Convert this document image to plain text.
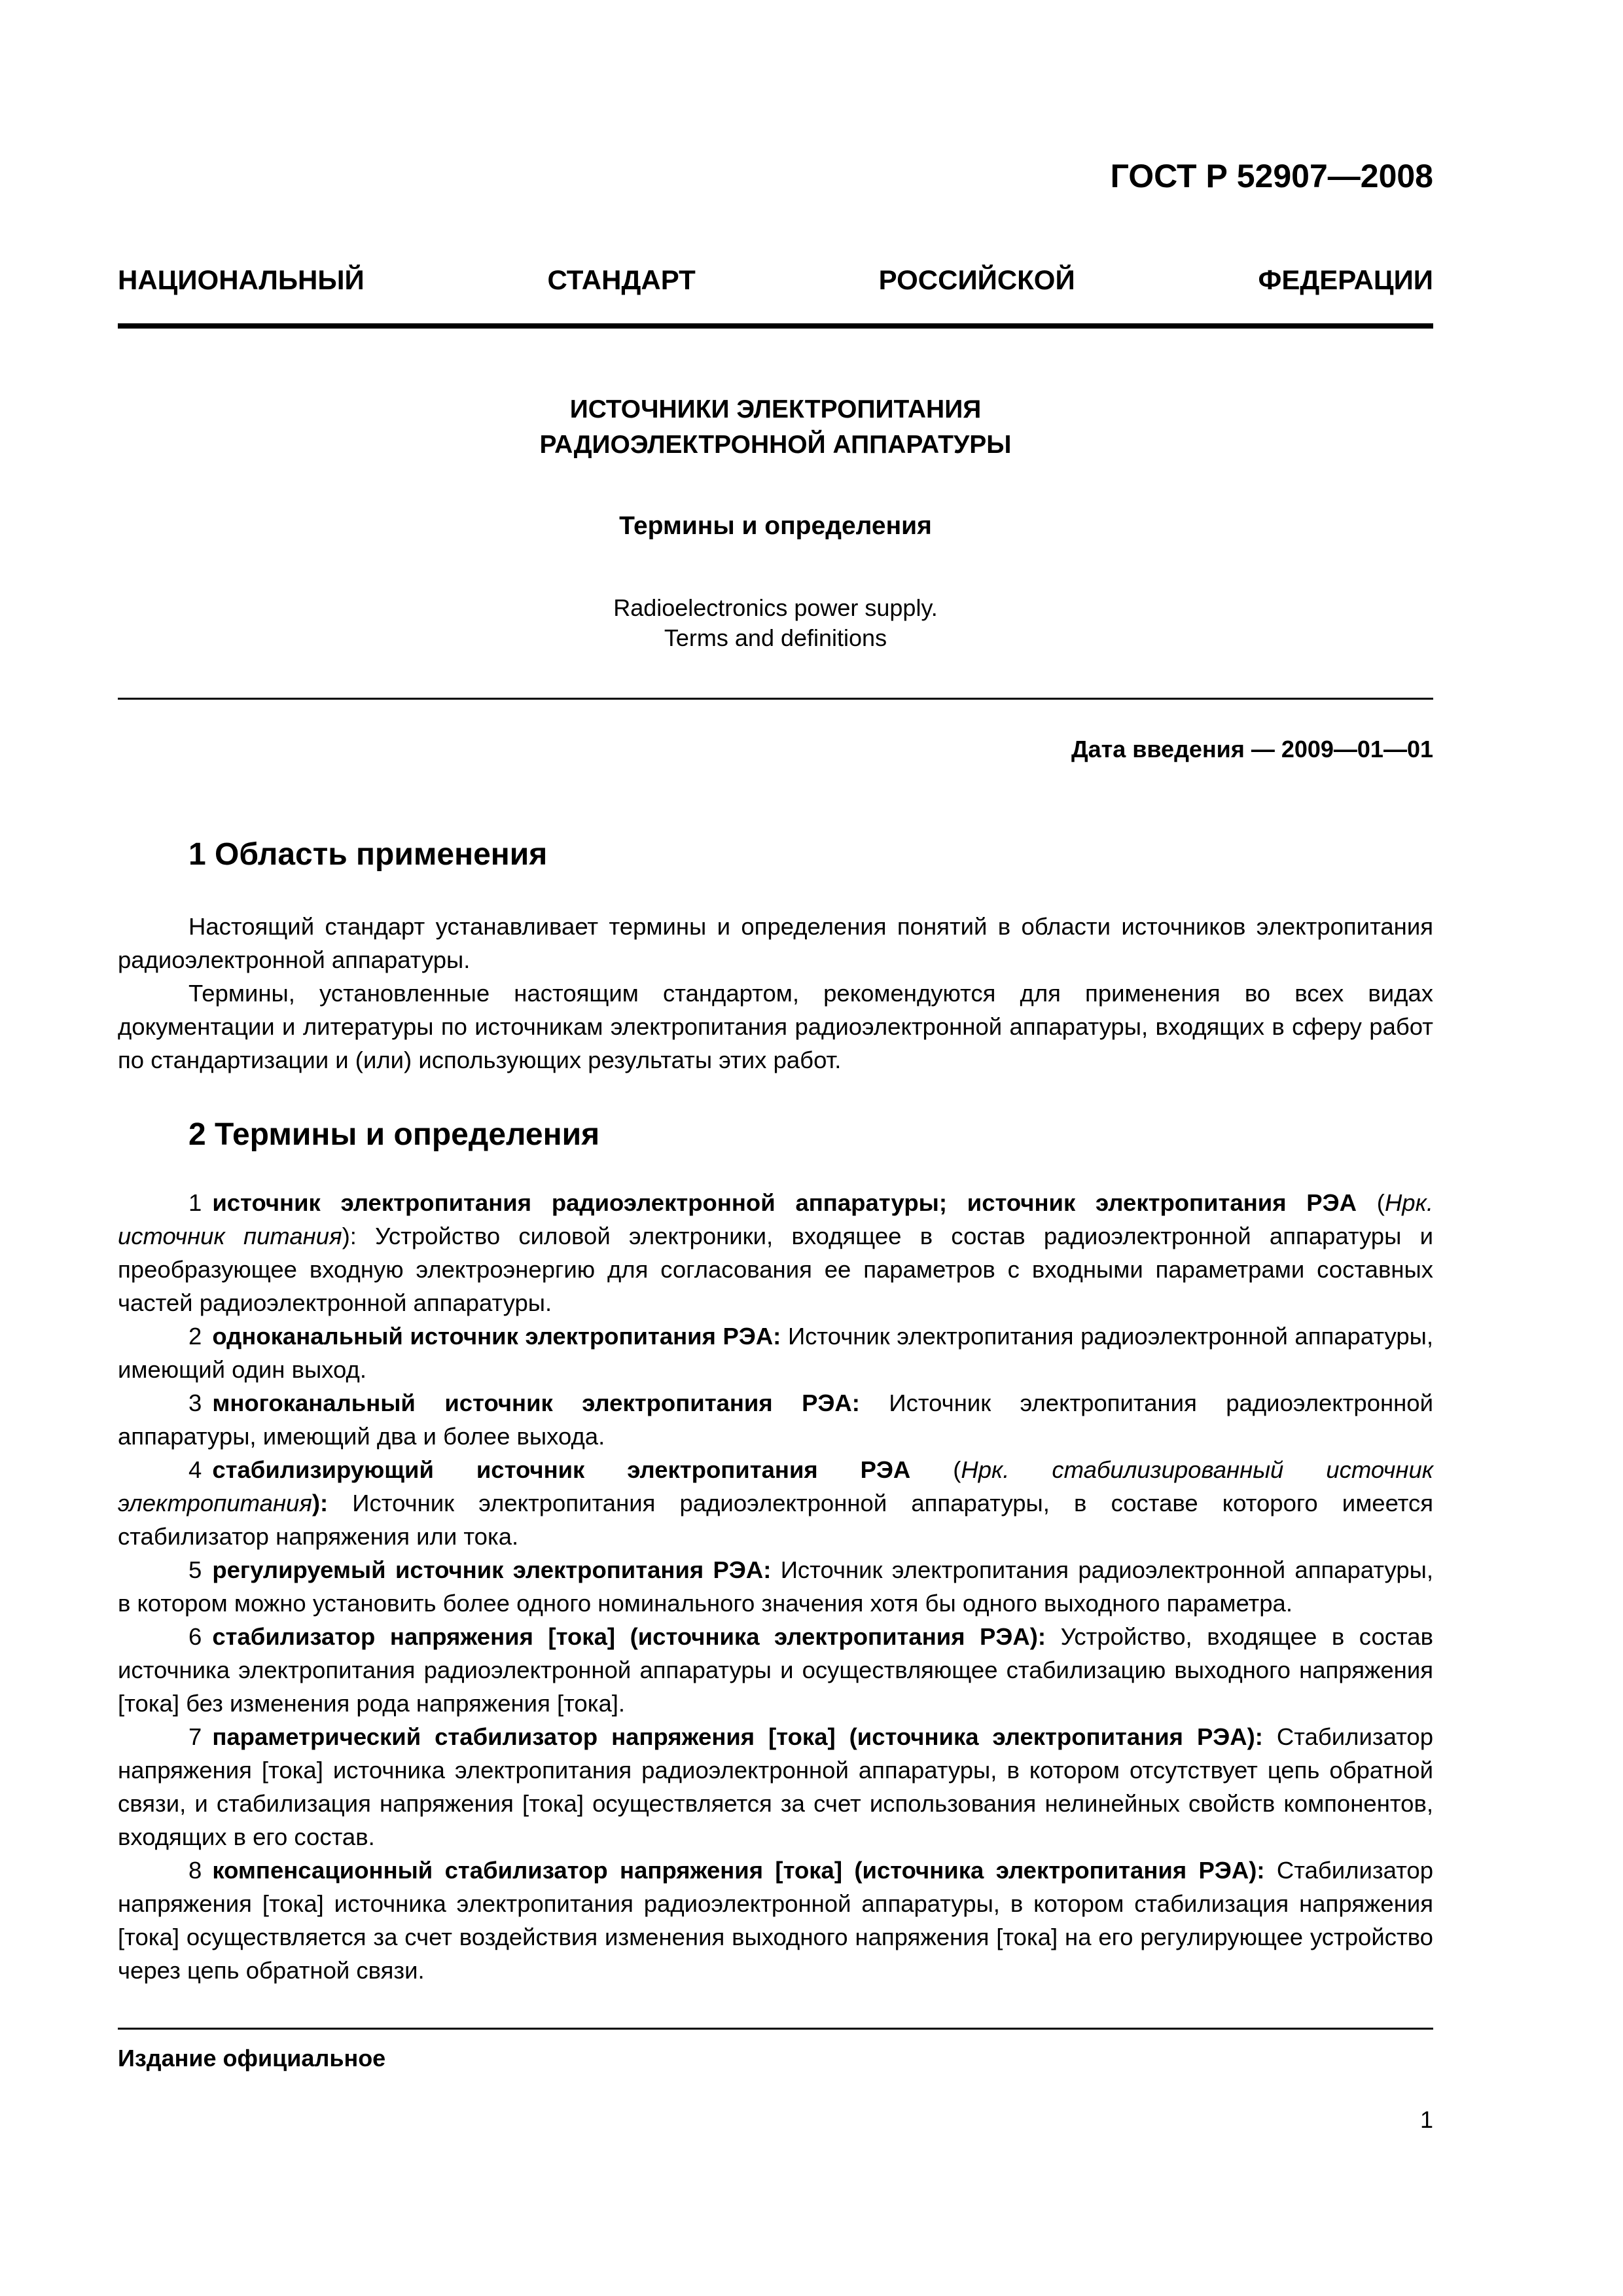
ГОСТ Р 52907—2008
НАЦИОНАЛЬНЫЙ СТАНДАРТ РОССИЙСКОЙ ФЕДЕРАЦИИ
ИСТОЧНИКИ ЭЛЕКТРОПИТАНИЯ
РАДИОЭЛЕКТРОННОЙ АППАРАТУРЫ
Термины и определения
Radioelectronics power supply.
Terms and definitions
Дата введения — 2009—01—01
1 Область применения

Настоящий стандарт устанавливает термины и определения понятий в области источников электропитания радиоэлектронной аппаратуры.

Термины, установленные настоящим стандартом, рекомендуются для применения во всех видах документации и литературы по источникам электропитания радиоэлектронной аппаратуры, входящих в сферу работ по стандартизации и (или) использующих результаты этих работ.

2 Термины и определения

1 источник электропитания радиоэлектронной аппаратуры; источник электропитания РЭА (Нрк. источник питания): Устройство силовой электроники, входящее в состав радиоэлектронной аппаратуры и преобразующее входную электроэнергию для согласования ее параметров с входными параметрами составных частей радиоэлектронной аппаратуры.

2 одноканальный источник электропитания РЭА: Источник электропитания радиоэлектронной аппаратуры, имеющий один выход.

3 многоканальный источник электропитания РЭА: Источник электропитания радиоэлектронной аппаратуры, имеющий два и более выхода.

4 стабилизирующий источник электропитания РЭА (Нрк. стабилизированный источник электропитания): Источник электропитания радиоэлектронной аппаратуры, в составе которого имеется стабилизатор напряжения или тока.

5 регулируемый источник электропитания РЭА: Источник электропитания радиоэлектронной аппаратуры, в котором можно установить более одного номинального значения хотя бы одного выходного параметра.

6 стабилизатор напряжения [тока] (источника электропитания РЭА): Устройство, входящее в состав источника электропитания радиоэлектронной аппаратуры и осуществляющее стабилизацию выходного напряжения [тока] без изменения рода напряжения [тока].

7 параметрический стабилизатор напряжения [тока] (источника электропитания РЭА): Стабилизатор напряжения [тока] источника электропитания радиоэлектронной аппаратуры, в котором отсутствует цепь обратной связи, и стабилизация напряжения [тока] осуществляется за счет использования нелинейных свойств компонентов, входящих в его состав.

8 компенсационный стабилизатор напряжения [тока] (источника электропитания РЭА): Стабилизатор напряжения [тока] источника электропитания радиоэлектронной аппаратуры, в котором стабилизация напряжения [тока] осуществляется за счет воздействия изменения выходного напряжения [тока] на его регулирующее устройство через цепь обратной связи.

Издание официальное
1
